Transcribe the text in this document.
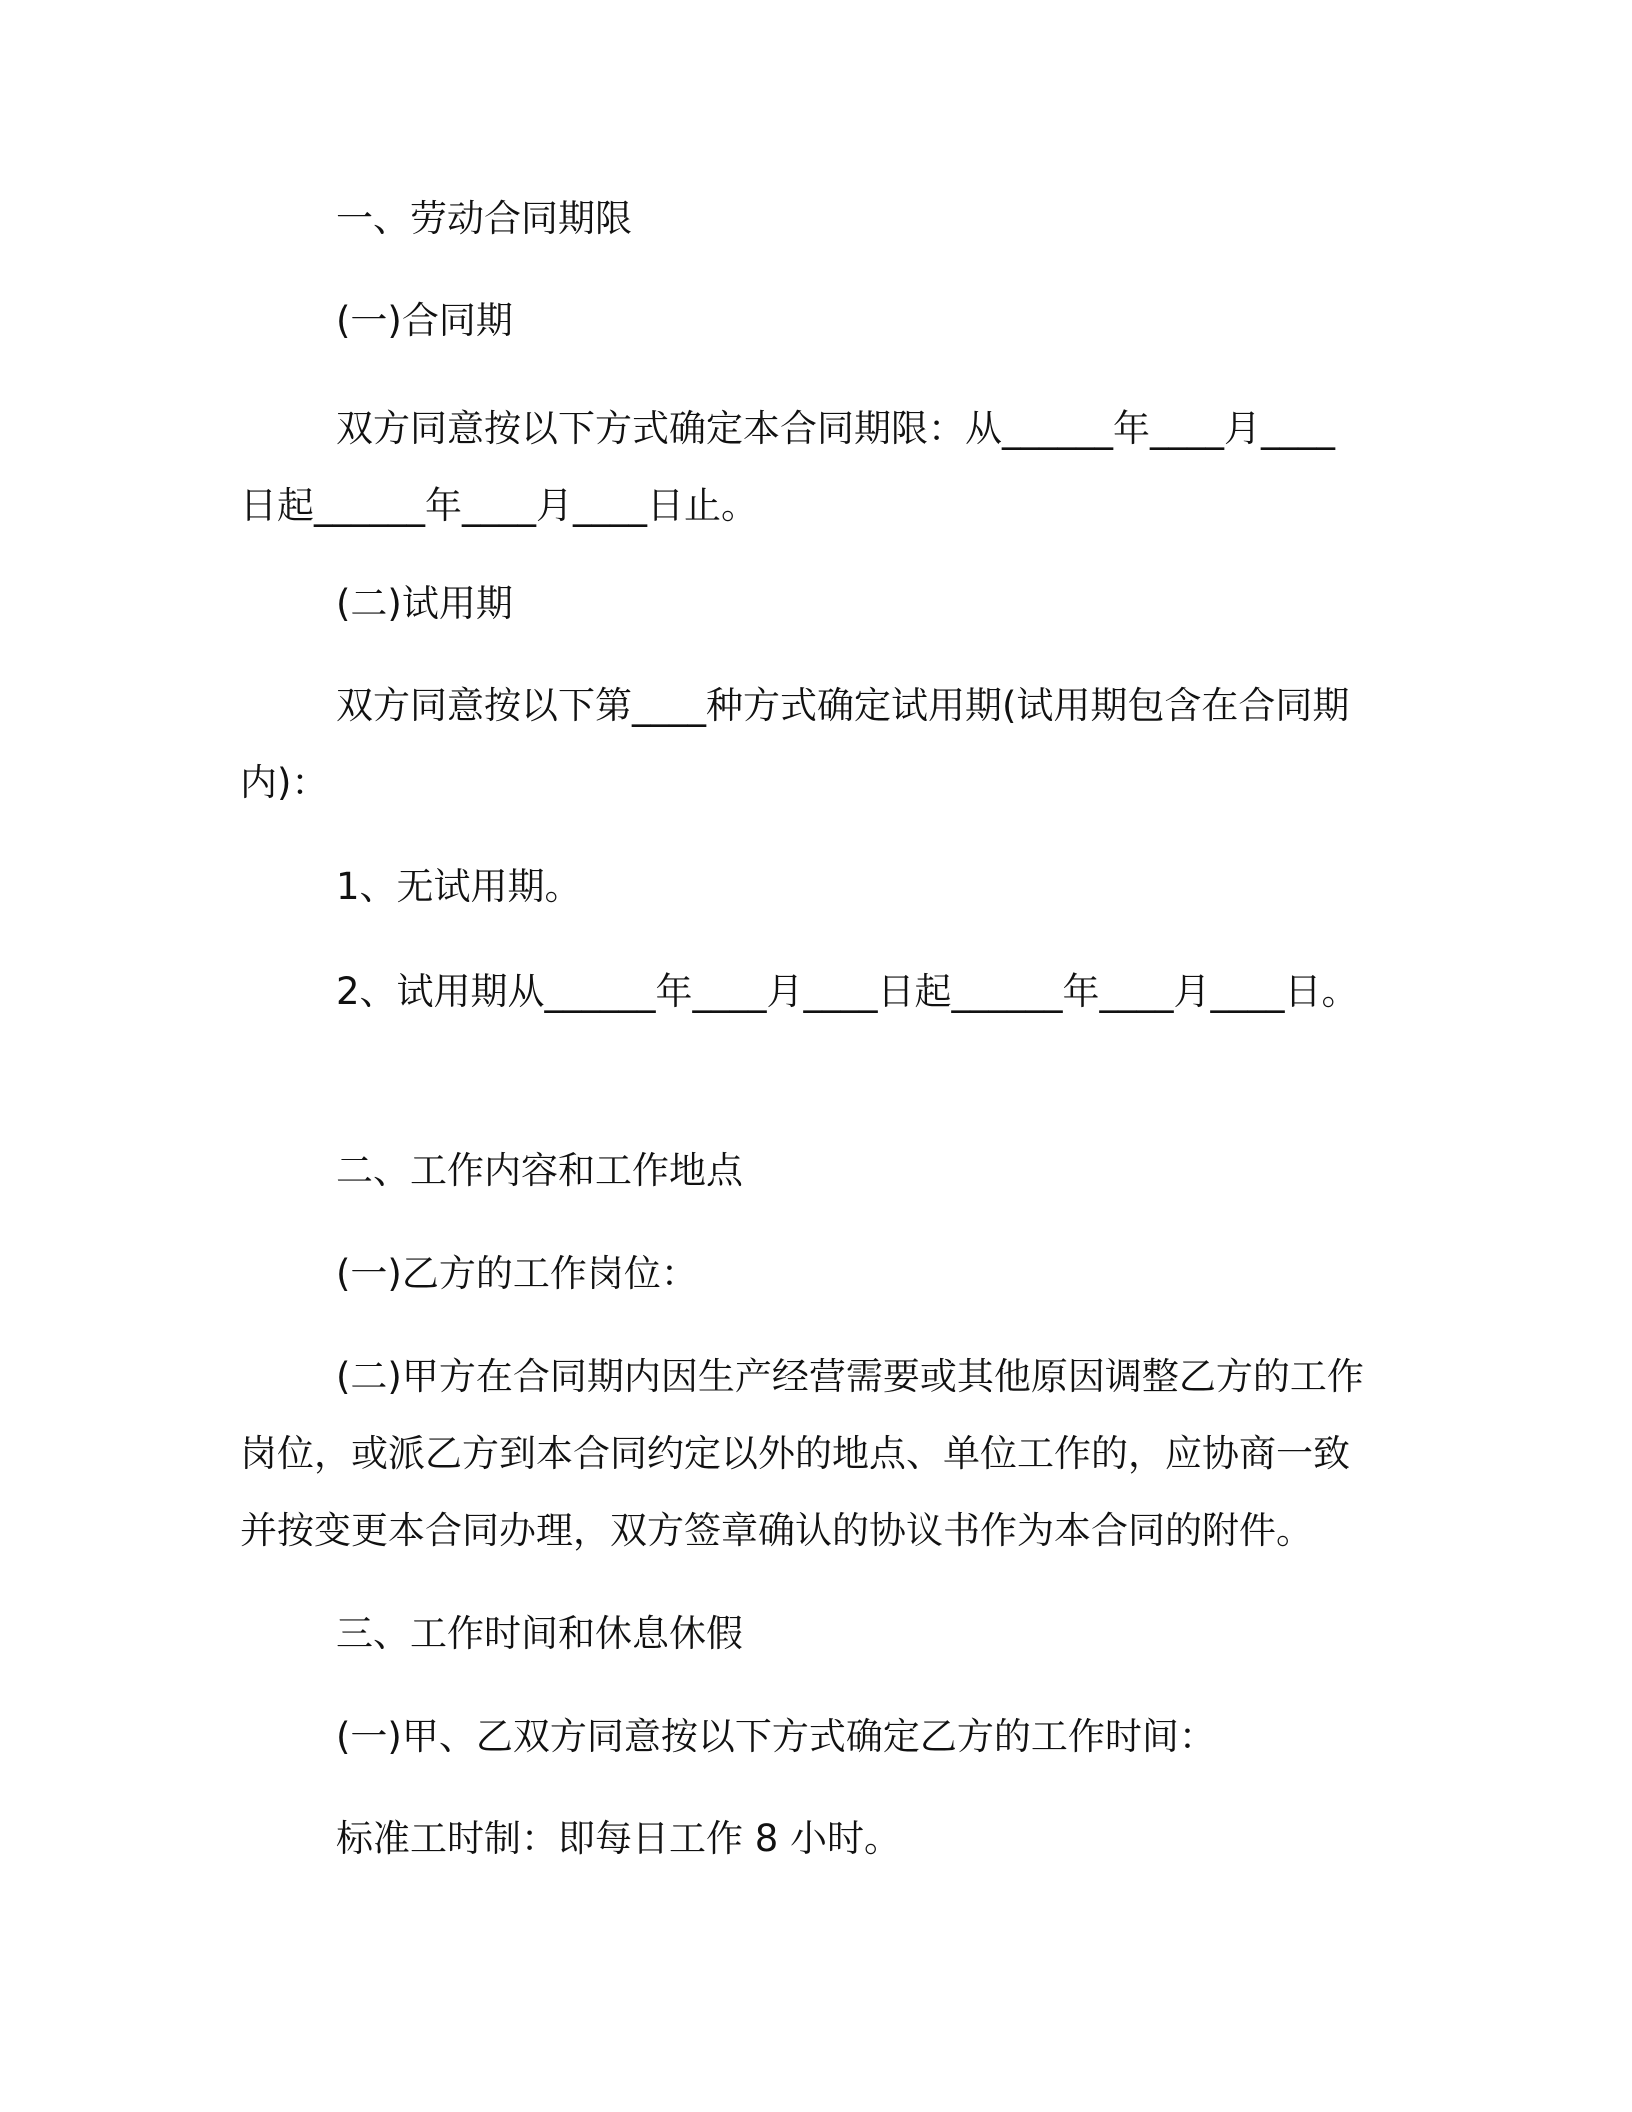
一、劳动合同期限

(一)合同期

双方同意按以下方式确定本合同期限：从______年____月____日起______年____月____日止。

(二)试用期

双方同意按以下第____种方式确定试用期(试用期包含在合同期内)：

1、无试用期。

2、试用期从______年____月____日起______年____月____日。

二、工作内容和工作地点

(一)乙方的工作岗位：

(二)甲方在合同期内因生产经营需要或其他原因调整乙方的工作岗位，或派乙方到本合同约定以外的地点、单位工作的，应协商一致并按变更本合同办理，双方签章确认的协议书作为本合同的附件。

三、工作时间和休息休假

(一)甲、乙双方同意按以下方式确定乙方的工作时间：

标准工时制：即每日工作 8 小时。
